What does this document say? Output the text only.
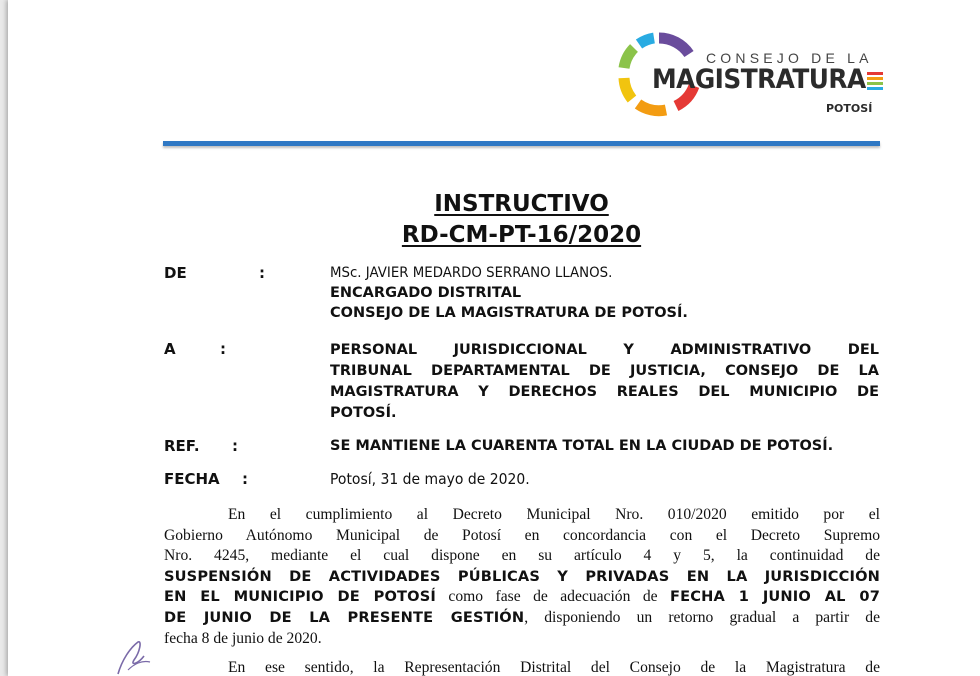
CONSEJO DE LA
MAGISTRATURA
POTOSÍ
INSTRUCTIVO
RD-CM-PT-16/2020
DE	:	MSc. JAVIER MEDARDO SERRANO LLANOS.
ENCARGADO DISTRITAL
CONSEJO DE LA MAGISTRATURA DE POTOSÍ.
A	:	PERSONAL JURISDICCIONAL Y ADMINISTRATIVO DEL
TRIBUNAL DEPARTAMENTAL DE JUSTICIA, CONSEJO DE LA
MAGISTRATURA Y DERECHOS REALES DEL MUNICIPIO DE
POTOSÍ.
REF. :	SE MANTIENE LA CUARENTA TOTAL EN LA CIUDAD DE POTOSÍ.
FECHA :	Potosí, 31 de mayo de 2020.
En el cumplimiento al Decreto Municipal Nro. 010/2020 emitido por el
Gobierno Autónomo Municipal de Potosí en concordancia con el Decreto Supremo
Nro. 4245, mediante el cual dispone en su artículo 4 y 5, la continuidad de
SUSPENSIÓN DE ACTIVIDADES PÚBLICAS Y PRIVADAS EN LA JURISDICCIÓN
EN EL MUNICIPIO DE POTOSÍ como fase de adecuación de FECHA 1 JUNIO AL 07
DE JUNIO DE LA PRESENTE GESTIÓN, disponiendo un retorno gradual a partir de
fecha 8 de junio de 2020.
En ese sentido, la Representación Distrital del Consejo de la Magistratura de
